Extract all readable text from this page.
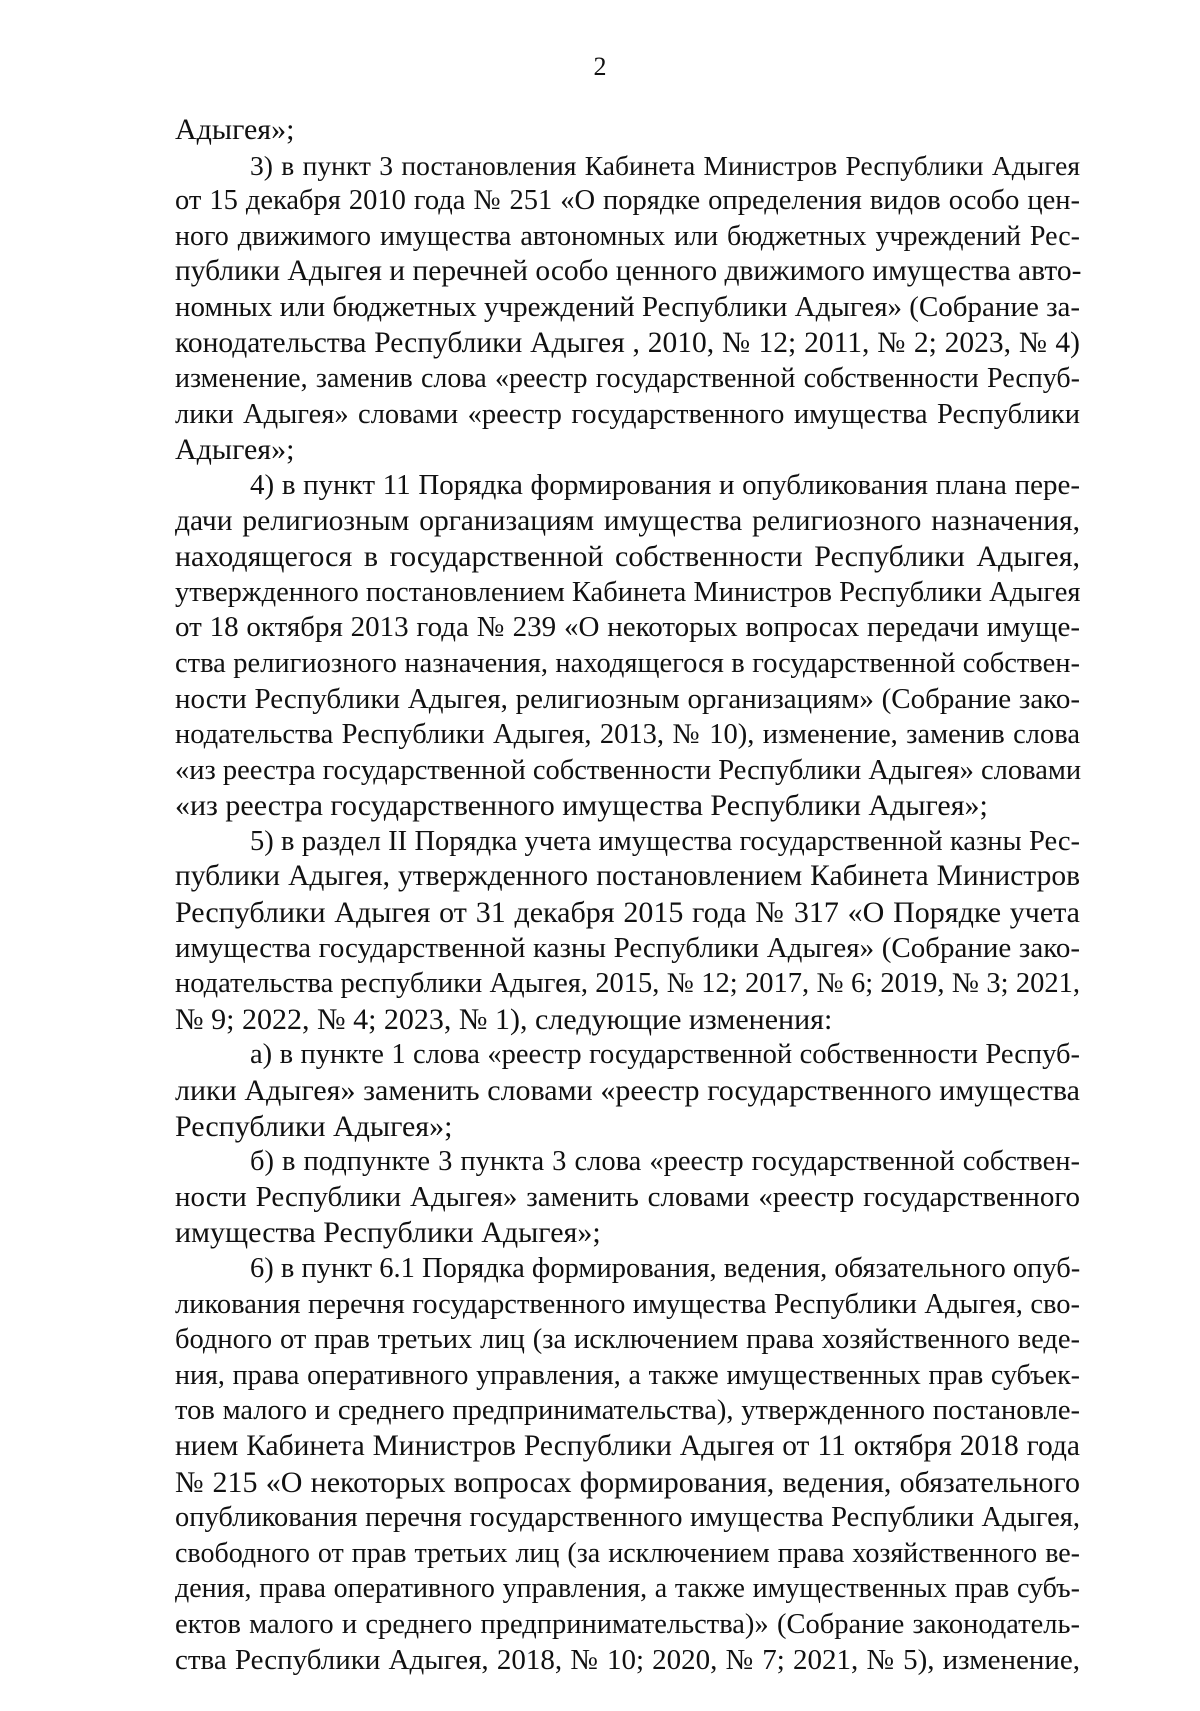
2
Адыгея»;
3) в пункт 3 постановления Кабинета Министров Республики Адыгея
от 15 декабря 2010 года № 251 «О порядке определения видов особо цен-
ного движимого имущества автономных или бюджетных учреждений Рес-
публики Адыгея и перечней особо ценного движимого имущества авто-
номных или бюджетных учреждений Республики Адыгея» (Собрание за-
конодательства Республики Адыгея , 2010, № 12; 2011, № 2; 2023, № 4)
изменение, заменив слова «реестр государственной собственности Респуб-
лики Адыгея» словами «реестр государственного имущества Республики
Адыгея»;
4) в пункт 11 Порядка формирования и опубликования плана пере-
дачи религиозным организациям имущества религиозного назначения,
находящегося в государственной собственности Республики Адыгея,
утвержденного постановлением Кабинета Министров Республики Адыгея
от 18 октября 2013 года № 239 «О некоторых вопросах передачи имуще-
ства религиозного назначения, находящегося в государственной собствен-
ности Республики Адыгея, религиозным организациям» (Собрание зако-
нодательства Республики Адыгея, 2013, № 10), изменение, заменив слова
«из реестра государственной собственности Республики Адыгея» словами
«из реестра государственного имущества Республики Адыгея»;
5) в раздел II Порядка учета имущества государственной казны Рес-
публики Адыгея, утвержденного постановлением Кабинета Министров
Республики Адыгея от 31 декабря 2015 года № 317 «О Порядке учета
имущества государственной казны Республики Адыгея» (Собрание зако-
нодательства республики Адыгея, 2015, № 12; 2017, № 6; 2019, № 3; 2021,
№ 9; 2022, № 4; 2023, № 1), следующие изменения:
а) в пункте 1 слова «реестр государственной собственности Респуб-
лики Адыгея» заменить словами «реестр государственного имущества
Республики Адыгея»;
б) в подпункте 3 пункта 3 слова «реестр государственной собствен-
ности Республики Адыгея» заменить словами «реестр государственного
имущества Республики Адыгея»;
6) в пункт 6.1 Порядка формирования, ведения, обязательного опуб-
ликования перечня государственного имущества Республики Адыгея, сво-
бодного от прав третьих лиц (за исключением права хозяйственного веде-
ния, права оперативного управления, а также имущественных прав субъек-
тов малого и среднего предпринимательства), утвержденного постановле-
нием Кабинета Министров Республики Адыгея от 11 октября 2018 года
№ 215 «О некоторых вопросах формирования, ведения, обязательного
опубликования перечня государственного имущества Республики Адыгея,
свободного от прав третьих лиц (за исключением права хозяйственного ве-
дения, права оперативного управления, а также имущественных прав субъ-
ектов малого и среднего предпринимательства)» (Собрание законодатель-
ства Республики Адыгея, 2018, № 10; 2020, № 7; 2021, № 5), изменение,
